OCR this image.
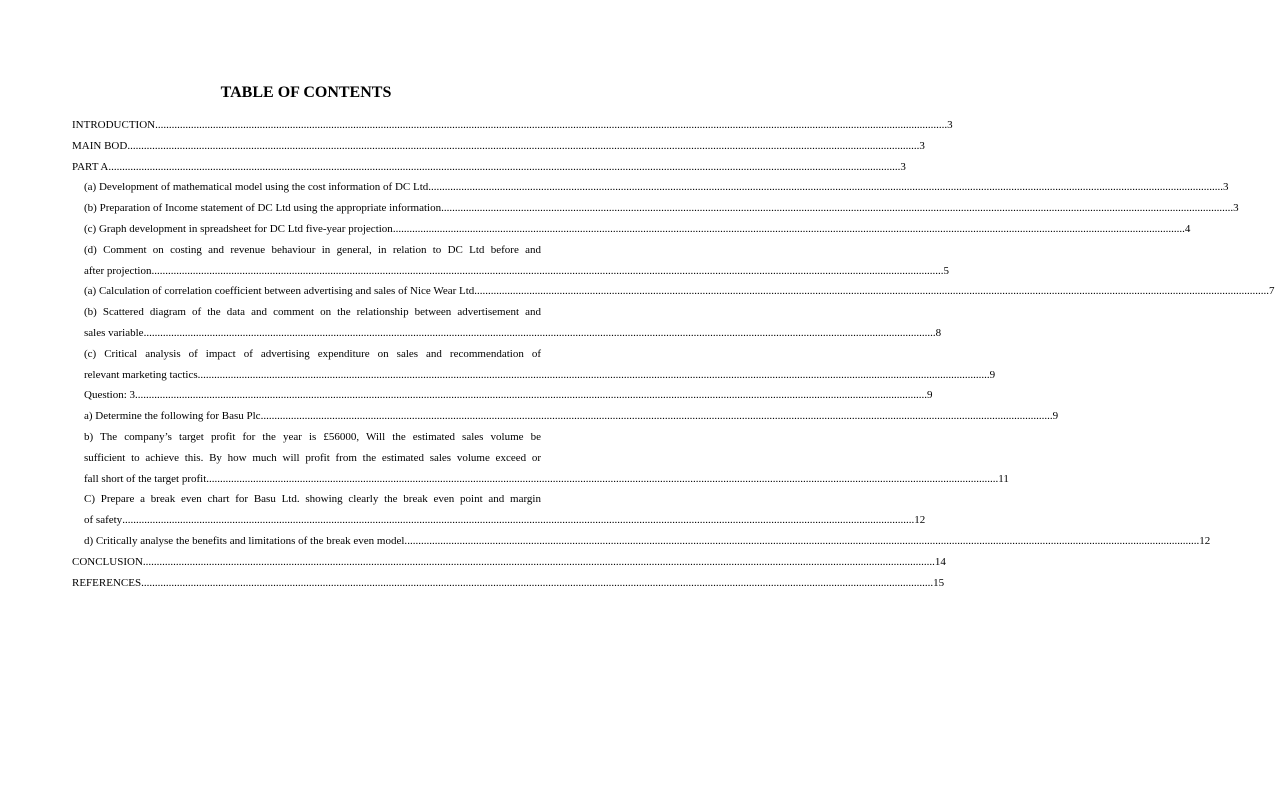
TABLE OF CONTENTS
INTRODUCTION .....	3
MAIN BOD .....	3
PART A .....	3
(a) Development of mathematical model using the cost information of DC Ltd. .....	3
(b) Preparation of Income statement of DC Ltd using the appropriate information .....	3
(c) Graph development in spreadsheet for DC Ltd five-year projection .....	4
(d) Comment on costing and revenue behaviour in general, in relation to DC Ltd before and
after projection .....	5
(a) Calculation of correlation coefficient between advertising and sales of Nice Wear Ltd. .....	7
(b) Scattered diagram of the data and comment on the relationship between advertisement and
sales variable .....	8
(c) Critical analysis of impact of advertising expenditure on sales and recommendation of
relevant marketing tactics .....	9
Question: 3 .....	9
a) Determine the following for Basu Plc .....	9
b) The company’s target profit for the year is £56000, Will the estimated sales volume be
sufficient to achieve this. By how much will profit from the estimated sales volume exceed or
fall short of the target profit .....	11
C) Prepare a break even chart for Basu Ltd. showing clearly the break even point and margin
of safety .....	12
d) Critically analyse the benefits and limitations of the break even model. .....	12
CONCLUSION .....	14
REFERENCES .....	15
